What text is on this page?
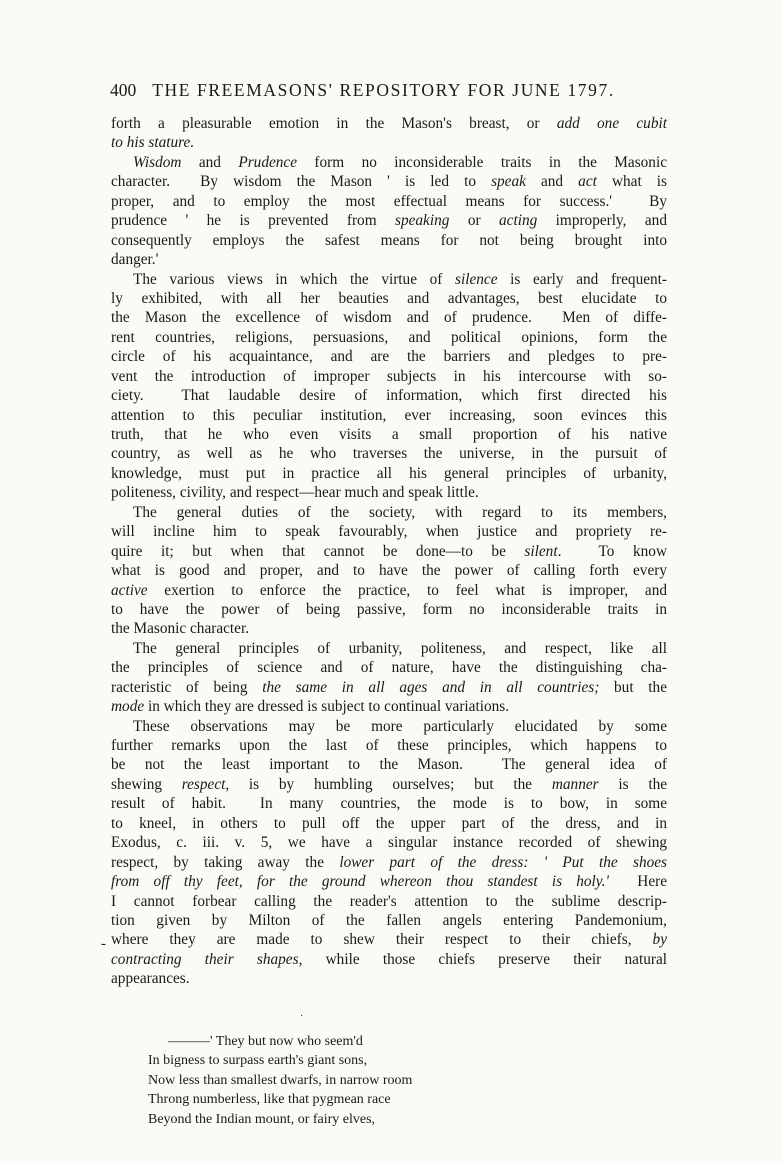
400 THE FREEMASONS' REPOSITORY FOR JUNE 1797.
forth a pleasurable emotion in the Mason's breast, or add one cubit
to his stature.
Wisdom and Prudence form no inconsiderable traits in the Masonic
character.  By wisdom the Mason ' is led to speak and act what is
proper, and to employ the most effectual means for success.'  By
prudence ' he is prevented from speaking or acting improperly, and
consequently employs the safest means for not being brought into
danger.'
The various views in which the virtue of silence is early and frequent-
ly exhibited, with all her beauties and advantages, best elucidate to
the Mason the excellence of wisdom and of prudence.  Men of diffe-
rent countries, religions, persuasions, and political opinions, form the
circle of his acquaintance, and are the barriers and pledges to pre-
vent the introduction of improper subjects in his intercourse with so-
ciety.  That laudable desire of information, which first directed his
attention to this peculiar institution, ever increasing, soon evinces this
truth, that he who even visits a small proportion of his native
country, as well as he who traverses the universe, in the pursuit of
knowledge, must put in practice all his general principles of urbanity,
politeness, civility, and respect—hear much and speak little.
The general duties of the society, with regard to its members,
will incline him to speak favourably, when justice and propriety re-
quire it; but when that cannot be done—to be silent.  To know
what is good and proper, and to have the power of calling forth every
active exertion to enforce the practice, to feel what is improper, and
to have the power of being passive, form no inconsiderable traits in
the Masonic character.
The general principles of urbanity, politeness, and respect, like all
the principles of science and of nature, have the distinguishing cha-
racteristic of being the same in all ages and in all countries; but the
mode in which they are dressed is subject to continual variations.
These observations may be more particularly elucidated by some
further remarks upon the last of these principles, which happens to
be not the least important to the Mason.  The general idea of
shewing respect, is by humbling ourselves; but the manner is the
result of habit.  In many countries, the mode is to bow, in some
to kneel, in others to pull off the upper part of the dress, and in
Exodus, c. iii. v. 5, we have a singular instance recorded of shewing
respect, by taking away the lower part of the dress: ' Put the shoes
from off thy feet, for the ground whereon thou standest is holy.'  Here
I cannot forbear calling the reader's attention to the sublime descrip-
tion given by Milton of the fallen angels entering Pandemonium,
where they are made to shew their respect to their chiefs, by
contracting their shapes, while those chiefs preserve their natural
appearances.
-
·
———' They but now who seem'd
In bigness to surpass earth's giant sons,
Now less than smallest dwarfs, in narrow room
Throng numberless, like that pygmean race
Beyond the Indian mount, or fairy elves,
